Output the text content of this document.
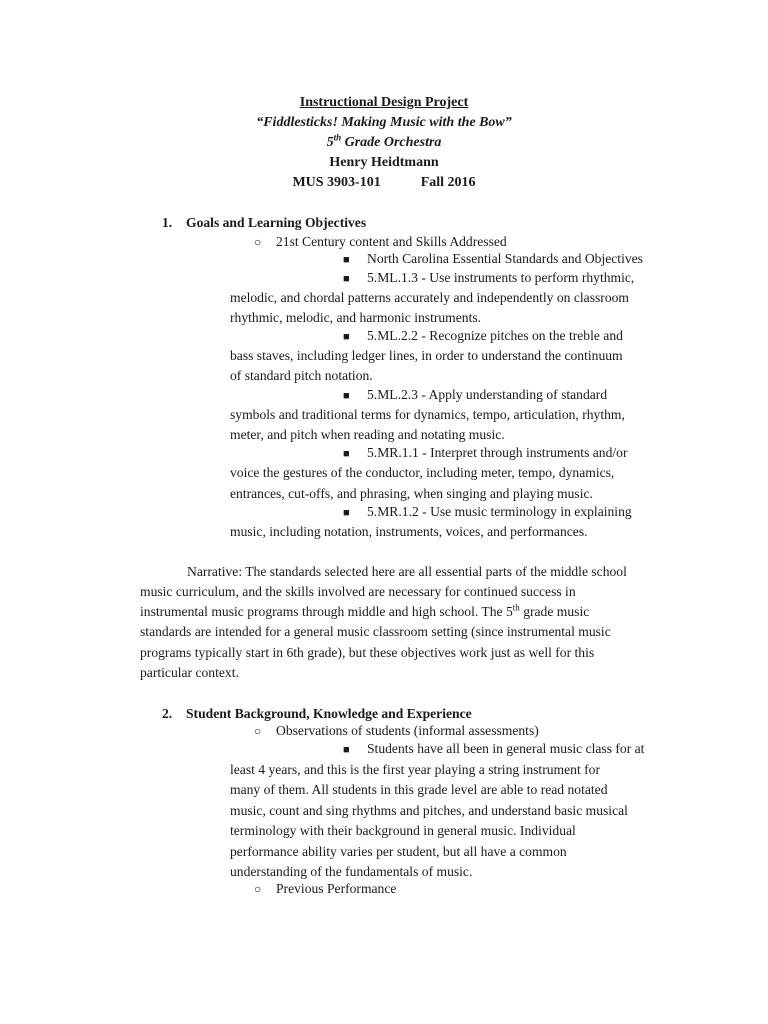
Instructional Design Project
“Fiddlesticks! Making Music with the Bow”
5th Grade Orchestra
Henry Heidtmann
MUS 3903-101	Fall 2016
1. Goals and Learning Objectives
○ 21st Century content and Skills Addressed
■ North Carolina Essential Standards and Objectives
■ 5.ML.1.3 - Use instruments to perform rhythmic,
melodic, and chordal patterns accurately and independently on classroom
rhythmic, melodic, and harmonic instruments.
■ 5.ML.2.2 - Recognize pitches on the treble and
bass staves, including ledger lines, in order to understand the continuum
of standard pitch notation.
■ 5.ML.2.3 - Apply understanding of standard
symbols and traditional terms for dynamics, tempo, articulation, rhythm,
meter, and pitch when reading and notating music.
■ 5.MR.1.1 - Interpret through instruments and/or
voice the gestures of the conductor, including meter, tempo, dynamics,
entrances, cut-offs, and phrasing, when singing and playing music.
■ 5.MR.1.2 - Use music terminology in explaining
music, including notation, instruments, voices, and performances.
Narrative: The standards selected here are all essential parts of the middle school
music curriculum, and the skills involved are necessary for continued success in
instrumental music programs through middle and high school. The 5th grade music
standards are intended for a general music classroom setting (since instrumental music
programs typically start in 6th grade), but these objectives work just as well for this
particular context.
2. Student Background, Knowledge and Experience
○ Observations of students (informal assessments)
■ Students have all been in general music class for at
least 4 years, and this is the first year playing a string instrument for
many of them. All students in this grade level are able to read notated
music, count and sing rhythms and pitches, and understand basic musical
terminology with their background in general music. Individual
performance ability varies per student, but all have a common
understanding of the fundamentals of music.
○ Previous Performance
